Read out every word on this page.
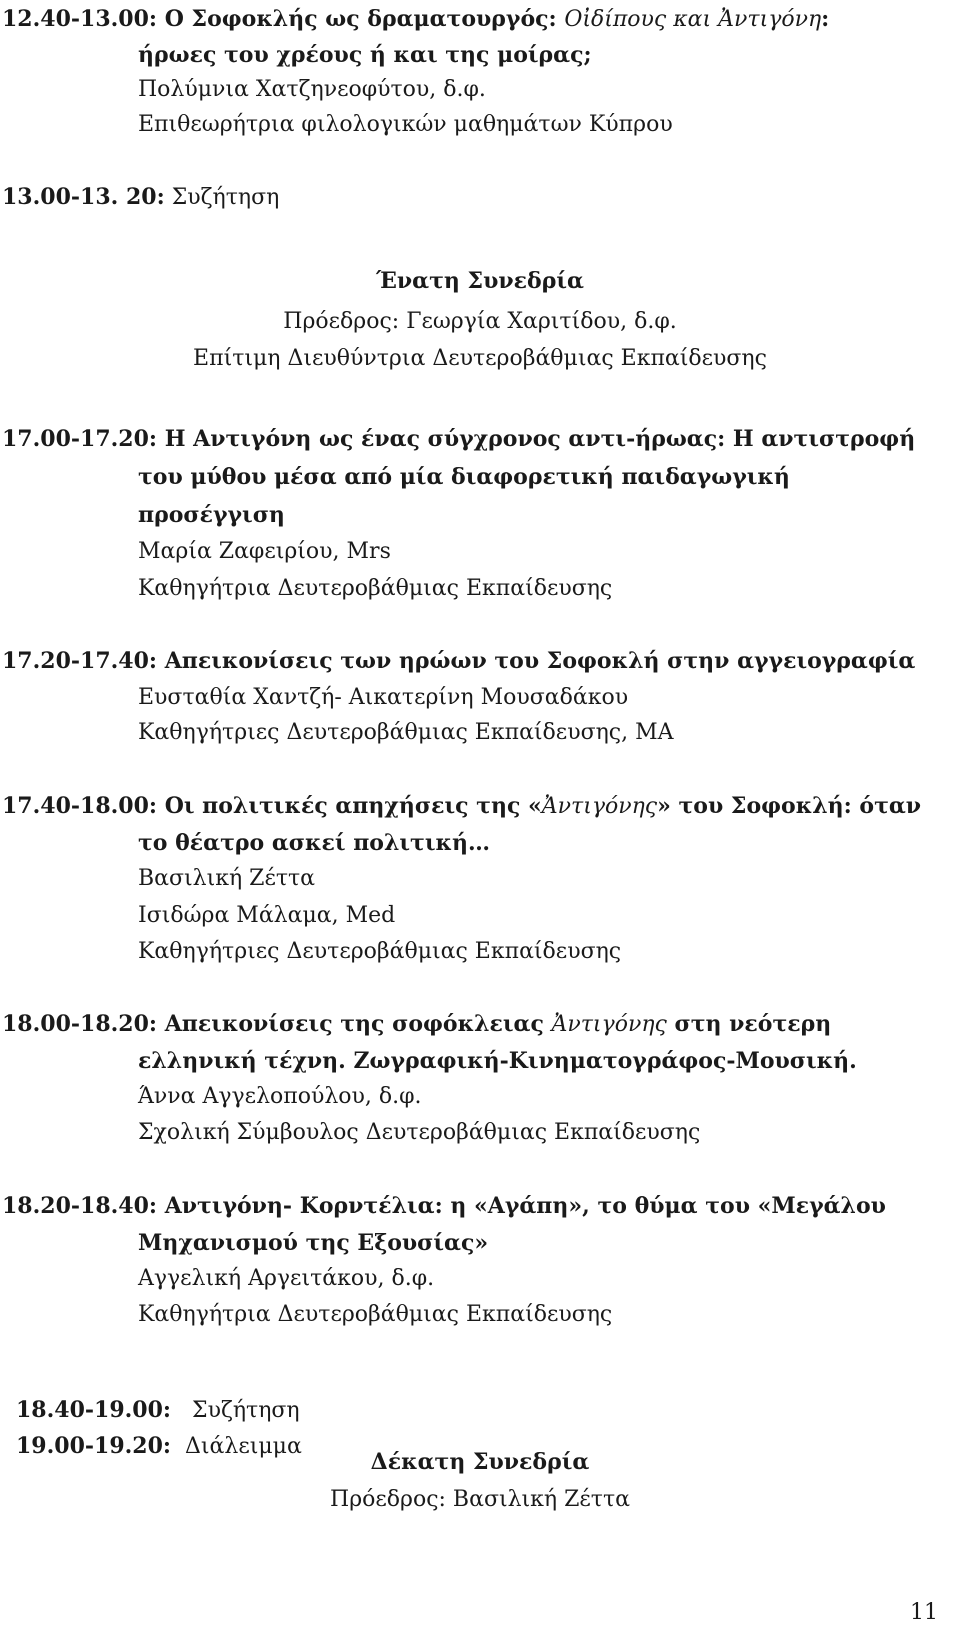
12.40-13.00: Ο Σοφοκλής ως δραματουργός: Οἰδίπους και Ἀντιγόνη:
ήρωες του χρέους ή και της μοίρας;
Πολύμνια Χατζηνεοφύτου, δ.φ.
Επιθεωρήτρια φιλολογικών μαθημάτων Κύπρου
13.00-13. 20: Συζήτηση
Ένατη Συνεδρία
Πρόεδρος: Γεωργία Χαριτίδου, δ.φ.
Επίτιμη Διευθύντρια Δευτεροβάθμιας Εκπαίδευσης
17.00-17.20: Η Αντιγόνη ως ένας σύγχρονος αντι-ήρωας: Η αντιστροφή
του μύθου μέσα από μία διαφορετική παιδαγωγική
προσέγγιση
Μαρία Ζαφειρίου, Mrs
Καθηγήτρια Δευτεροβάθμιας Εκπαίδευσης
17.20-17.40: Απεικονίσεις των ηρώων του Σοφοκλή στην αγγειογραφία
Ευσταθία Χαντζή- Αικατερίνη Μουσαδάκου
Καθηγήτριες Δευτεροβάθμιας Εκπαίδευσης, MA
17.40-18.00: Οι πολιτικές απηχήσεις της «Ἀντιγόνης» του Σοφοκλή: όταν
το θέατρο ασκεί πολιτική…
Βασιλική Ζέττα
Ισιδώρα Μάλαμα, Med
Καθηγήτριες Δευτεροβάθμιας Εκπαίδευσης
18.00-18.20: Απεικονίσεις της σοφόκλειας Ἀντιγόνης στη νεότερη
ελληνική τέχνη. Ζωγραφική-Κινηματογράφος-Μουσική.
Άννα Αγγελοπούλου, δ.φ.
Σχολική Σύμβουλος Δευτεροβάθμιας Εκπαίδευσης
18.20-18.40: Αντιγόνη- Κορντέλια: η «Αγάπη», το θύμα του «Μεγάλου
Μηχανισμού της Εξουσίας»
Αγγελική Αργειτάκου, δ.φ.
Καθηγήτρια Δευτεροβάθμιας Εκπαίδευσης

18.40-19.00:   Συζήτηση

19.00-19.20:  Διάλειμμα

Δέκατη Συνεδρία
Πρόεδρος: Βασιλική Ζέττα
11
